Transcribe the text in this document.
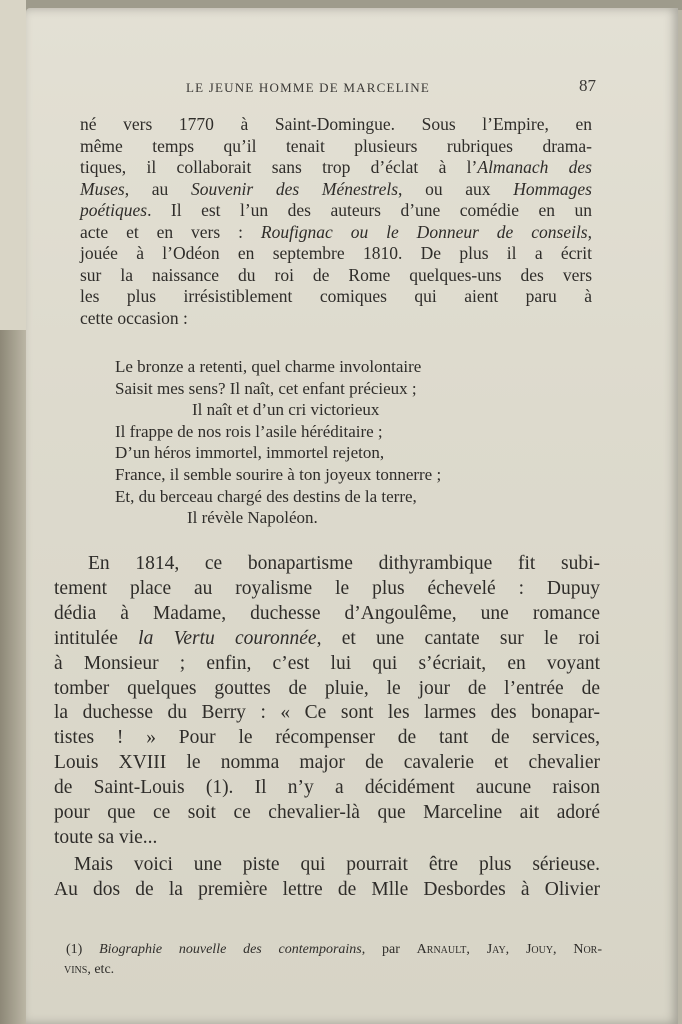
LE JEUNE HOMME DE MARCELINE	87
né vers 1770 à Saint-Domingue. Sous l’Empire, en
même temps qu’il tenait plusieurs rubriques drama-
tiques, il collaborait sans trop d’éclat à l’Almanach des
Muses, au Souvenir des Ménestrels, ou aux Hommages
poétiques. Il est l’un des auteurs d’une comédie en un
acte et en vers : Roufignac ou le Donneur de conseils,
jouée à l’Odéon en septembre 1810. De plus il a écrit
sur la naissance du roi de Rome quelques-uns des vers
les plus irrésistiblement comiques qui aient paru à
cette occasion :
Le bronze a retenti, quel charme involontaire
Saisit mes sens? Il naît, cet enfant précieux ;
Il naît et d’un cri victorieux
Il frappe de nos rois l’asile héréditaire ;
D’un héros immortel, immortel rejeton,
France, il semble sourire à ton joyeux tonnerre ;
Et, du berceau chargé des destins de la terre,
Il révèle Napoléon.
En 1814, ce bonapartisme dithyrambique fit subi-
tement place au royalisme le plus échevelé : Dupuy
dédia à Madame, duchesse d’Angoulême, une romance
intitulée la Vertu couronnée, et une cantate sur le roi
à Monsieur ; enfin, c’est lui qui s’écriait, en voyant
tomber quelques gouttes de pluie, le jour de l’entrée de
la duchesse du Berry : « Ce sont les larmes des bonapar-
tistes ! » Pour le récompenser de tant de services,
Louis XVIII le nomma major de cavalerie et chevalier
de Saint-Louis (1). Il n’y a décidément aucune raison
pour que ce soit ce chevalier-là que Marceline ait adoré
toute sa vie...
Mais voici une piste qui pourrait être plus sérieuse.
Au dos de la première lettre de Mlle Desbordes à Olivier
(1) Biographie nouvelle des contemporains, par Arnault, Jay, Jouy, Nor-
vins, etc.
